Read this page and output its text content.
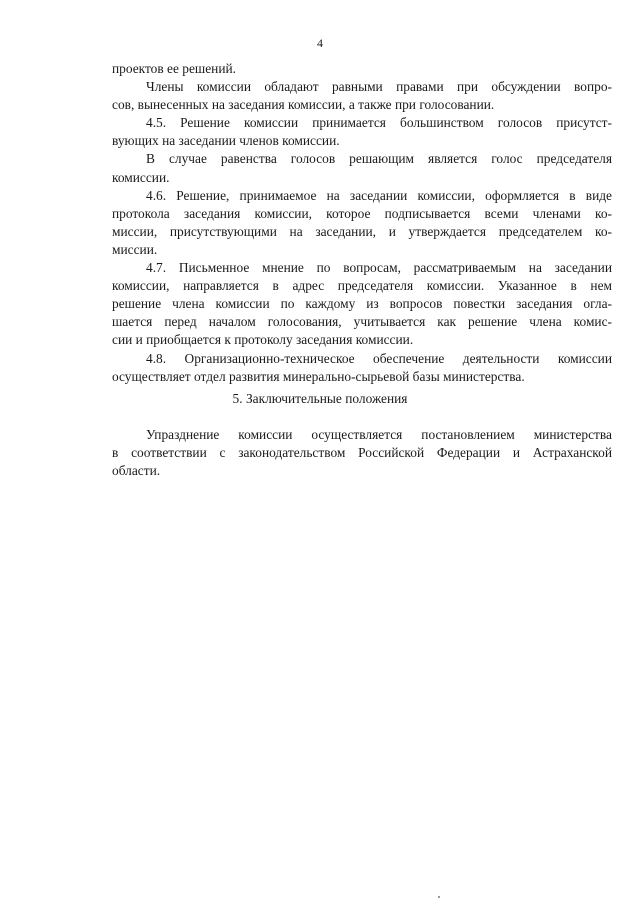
4

проектов ее решений.

Члены комиссии обладают равными правами при обсуждении вопро-
сов, вынесенных на заседания комиссии, а также при голосовании.

4.5. Решение комиссии принимается большинством голосов присутст-
вующих на заседании членов комиссии.

В случае равенства голосов решающим является голос председателя
комиссии.

4.6. Решение, принимаемое на заседании комиссии, оформляется в виде
протокола заседания комиссии, которое подписывается всеми членами ко-
миссии, присутствующими на заседании, и утверждается председателем ко-
миссии.

4.7. Письменное мнение по вопросам, рассматриваемым на заседании
комиссии, направляется в адрес председателя комиссии. Указанное в нем
решение члена комиссии по каждому из вопросов повестки заседания огла-
шается перед началом голосования, учитывается как решение члена комис-
сии и приобщается к протоколу заседания комиссии.

4.8. Организационно-техническое обеспечение деятельности комиссии
осуществляет отдел развития минерально-сырьевой базы министерства.

5. Заключительные положения

Упразднение комиссии осуществляется постановлением министерства
в соответствии с законодательством Российской Федерации и Астраханской
области.
